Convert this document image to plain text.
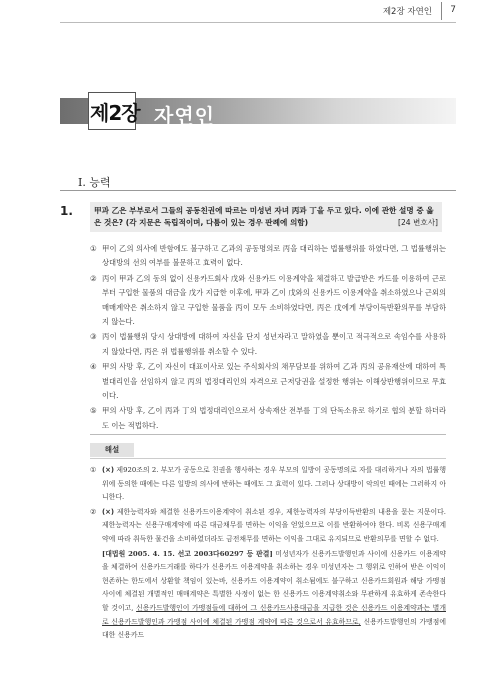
제2장 자연인 7
제2장 자연인
I. 능력
1.	甲과 乙은 부부로서 그들의 공동친권에 따르는 미성년 자녀 丙과 丁을 두고 있다. 이에 관한 설명 중 옳은 것은? (각 지문은 독립적이며, 다툼이 있는 경우 판례에 의함)	[24 변호사]
① 甲이 乙의 의사에 반함에도 불구하고 乙과의 공동명의로 丙을 대리하는 법률행위를 하였다면, 그 법률행위는 상대방의 선의 여부를 불문하고 효력이 없다.
② 丙이 甲과 乙의 동의 없이 신용카드회사 戊와 신용카드 이용계약을 체결하고 발급받은 카드를 이용하여 근로부터 구입한 물품의 대금을 戊가 지급한 이후에, 甲과 乙이 戊와의 신용카드 이용계약을 취소하였으나 근외의 매매계약은 취소하지 않고 구입한 물품을 丙이 모두 소비하였다면, 丙은 戊에게 부당이득반환의무를 부담하지 않는다.
③ 丙이 법률행위 당시 상대방에 대하여 자신을 단지 성년자라고 말하였을 뿐이고 적극적으로 속임수를 사용하지 않았다면, 丙은 위 법률행위를 취소할 수 있다.
④ 甲의 사망 후, 乙이 자신이 대표이사로 있는 주식회사의 채무담보를 위하여 乙과 丙의 공유재산에 대하여 특별대리인을 선임하지 않고 丙의 법정대리인의 자격으로 근저당권을 설정한 행위는 이해상반행위이므로 무효이다.
⑤ 甲의 사망 후, 乙이 丙과 丁의 법정대리인으로서 상속재산 전부를 丁의 단독소유로 하기로 협의 분할 하더라도 이는 적법하다.
해설
① (×) 제920조의 2. 부모가 공동으로 친권을 행사하는 경우 부모의 일방이 공동명의로 자를 대리하거나 자의 법률행위에 동의한 때에는 다른 일방의 의사에 반하는 때에도 그 효력이 있다. 그러나 상대방이 악의인 때에는 그러하지 아니한다.
② (×) 제한능력자와 체결한 신용카드이용계약이 취소된 경우, 제한능력자의 부당이득반환의 내용을 묻는 지문이다. 제한능력자는 신용구매계약에 따른 대금채무를 면하는 이익을 얻었으므로 이를 반환하여야 한다. 비록 신용구매계약에 따라 취득한 물건을 소비하였더라도 금전채무를 면하는 이익을 그대로 유지되므로 반환의무를 면할 수 없다.
[대법원 2005. 4. 15. 선고 2003다60297 등 판결] 미성년자가 신용카드발행인과 사이에 신용카드 이용계약을 체결하여 신용카드거래를 하다가 신용카드 이용계약을 취소하는 경우 미성년자는 그 행위로 인하여 받은 이익이 현존하는 한도에서 상환할 책임이 있는바, 신용카드 이용계약이 취소됨에도 불구하고 신용카드회원과 해당 가맹점 사이에 체결된 개별적인 매매계약은 특별한 사정이 없는 한 신용카드 이용계약취소와 무관하게 유효하게 존속한다 할 것이고, 신용카드발행인이 가맹점들에 대하여 그 신용카드사용대금을 지급한 것은 신용카드 이용계약과는 별개로 신용카드발행인과 가맹점 사이에 체결된 가맹점 계약에 따른 것으로서 유효하므로, 신용카드발행인의 가맹점에 대한 신용카드
